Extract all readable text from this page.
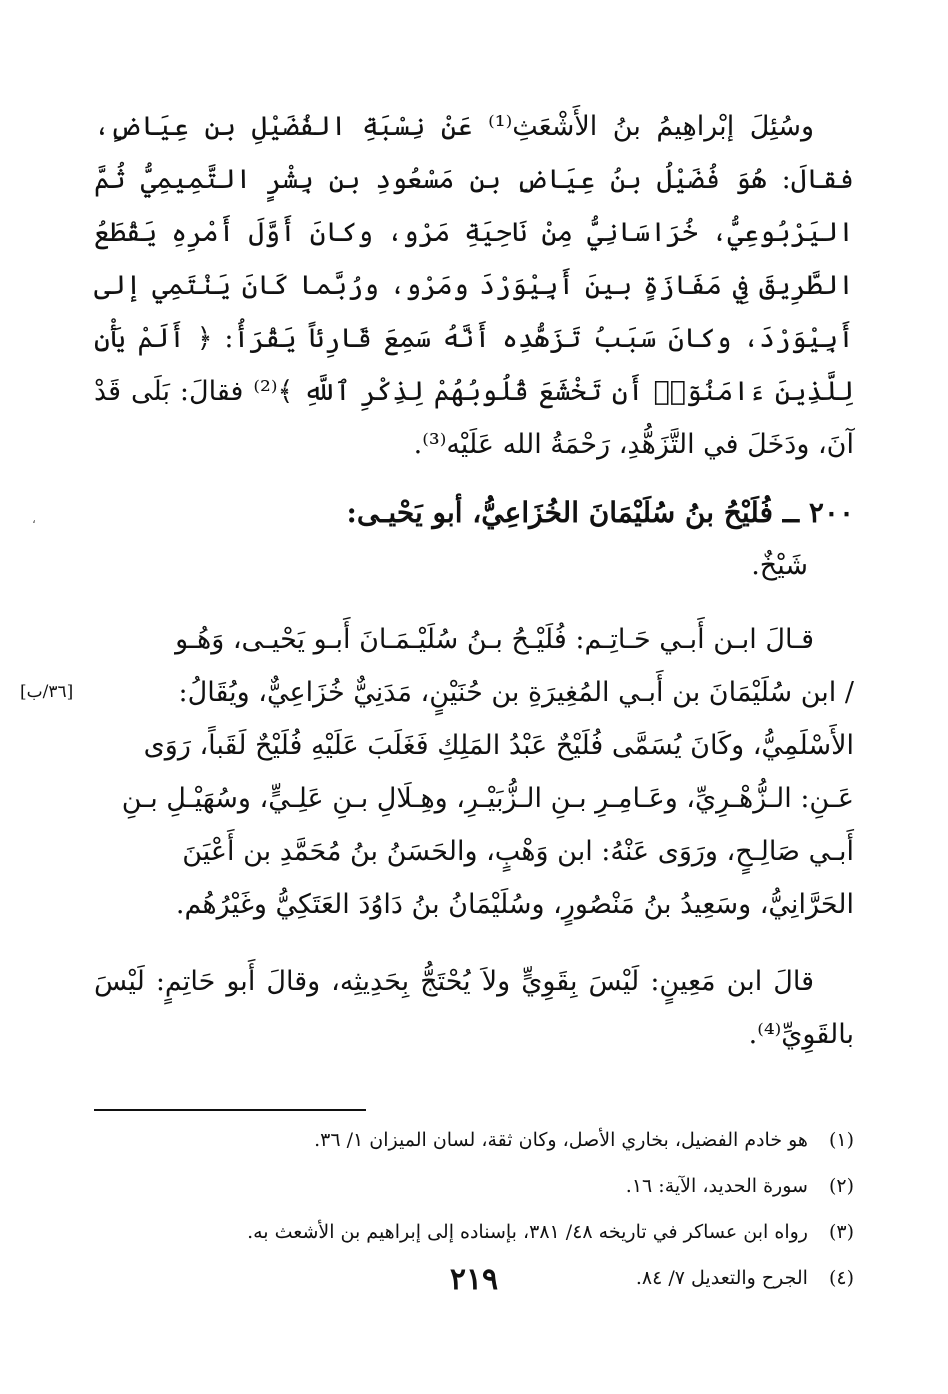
وسُئِلَ إبْراهِيمُ بنُ الأَشْعَثِ⁽¹⁾ عَنْ نِسْبَةِ الفُضَيْلِ بن عِيَاضٍ، فقالَ: هُوَ فُضَيْلُ بنُ عِيَاضِ بنِ مَسْعُودِ بنِ بِشْرٍ التَّمِيمِيُّ ثُمَّ اليَرْبُوعِيُّ، خُرَاسَانِيُّ مِنْ نَاحِيَةِ مَرْو، وكانَ أَوَّلَ أَمْرِهِ يَقْطَعُ الطَّرِيقَ فِي مَفَازَةٍ بينَ أَبِيْوَرْدَ ومَرْو، ورُبَّما كَانَ يَنْتَمِي إلى أَبِيْوَرْدَ، وكانَ سَبَبُ تَزَهُّدِه أَنَّهُ سَمِعَ قَارِئاً يَقْرَأُ: ﴿ أَلَمْ يَأْنِ لِلَّذِينَ ءَامَنُوٓا۟ أَن تَخْشَعَ قُلُوبُهُمْ لِذِكْرِ ٱللَّهِ ﴾⁽²⁾ فقالَ: بَلَى قَدْ آنَ، ودَخَلَ في التَّزَهُّدِ، رَحْمَةُ الله عَلَيْه⁽³⁾.

٢٠٠ ــ فُلَيْحُ بنُ سُلَيْمَانَ الخُزَاعِيُّ، أبو يَحْيـى:
شَيْخٌ.
قـالَ ابـن أَبـي حَـاتِـم: فُلَيْـحُ بـنُ سُلَيْـمَـانَ أَبـو يَحْيـى، وَهُـو
/ ابن سُلَيْمَانَ بن أَبـي المُغِيرَةِ بن حُنَيْنٍ، مَدَنِيٌّ خُزَاعِيٌّ، ويُقَالُ:
[٣٦/ب]
الأَسْلَمِيُّ، وكَانَ يُسَمَّى فُلَيْحٌ عَبْدُ المَلِكِ فَغَلَبَ عَلَيْهِ فُلَيْحٌ لَقَباً، رَوَى
عَـنِ: الـزُّهْـرِيِّ، وعَـامِـرِ بـنِ الـزُّبَيْـرِ، وهِـلَالِ بـنِ عَلِـيٍّ، وسُهَيْـلِ بـنِ
أَبـي صَالِـحٍ، ورَوَى عَنْهُ: ابن وَهْبٍ، والحَسَنُ بنُ مُحَمَّدِ بن أَعْيَنَ
الحَرَّانِيُّ، وسَعِيدُ بنُ مَنْصُورٍ، وسُلَيْمَانُ بنُ دَاوُدَ العَتَكِيُّ وغَيْرُهُم.

قالَ ابن مَعِينٍ: لَيْسَ بِقَوِيٍّ ولاَ يُحْتَجُّ بِحَدِيثِه، وقالَ أَبو حَاتِمٍ: لَيْسَ بالقَوِيِّ⁽⁴⁾.

(١) هو خادم الفضيل، بخاري الأصل، وكان ثقة، لسان الميزان ١/ ٣٦.

(٢) سورة الحديد، الآية: ١٦.

(٣) رواه ابن عساكر في تاريخه ٤٨/ ٣٨١، بإسناده إلى إبراهيم بن الأشعث به.

(٤) الجرح والتعديل ٧/ ٨٤.

،
٢١٩
